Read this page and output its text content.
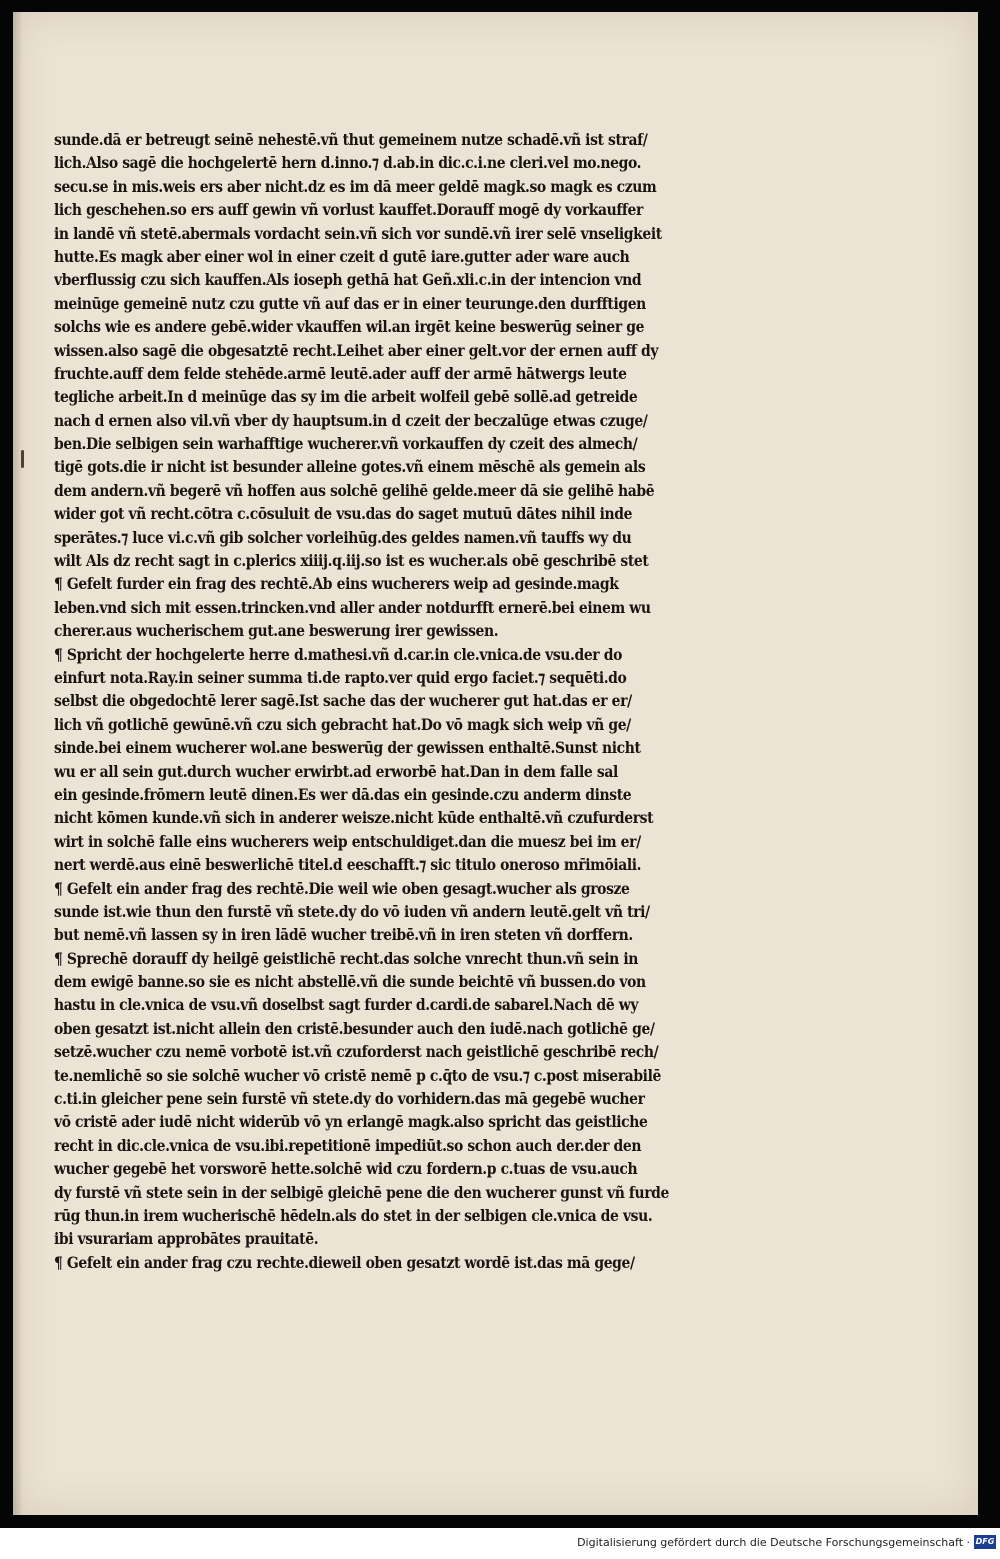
sunde.dā er betreugt seinē nehestē.vñ thut gemeinem nutze schadē.vñ ist straf/
lich.Also sagē die hochgelertē hern d.inno.⁊ d.ab.in dic.c.i.ne cleri.vel mo.nego.
secu.se in mis.weis ers aber nicht.dz es im dā meer geldē magk.so magk es czum
lich geschehen.so ers auff gewin vñ vorlust kauffet.Dorauff mogē dy vorkauffer
in landē vñ stetē.abermals vordacht sein.vñ sich vor sundē.vñ irer selē vnseligkeit
hutte.Es magk aber einer wol in einer czeit d gutē iare.gutter ader ware auch
vberflussig czu sich kauffen.Als ioseph gethā hat Geñ.xli.c.in der intencion vnd
meinūge gemeinē nutz czu gutte vñ auf das er in einer teurunge.den durfftigen
solchs wie es andere gebē.wider vkauffen wil.an irgēt keine beswerūg seiner ge
wissen.also sagē die obgesatztē recht.Leihet aber einer gelt.vor der ernen auff dy
fruchte.auff dem felde stehēde.armē leutē.ader auff der armē hātwergs leute
tegliche arbeit.In d meinūge das sy im die arbeit wolfeil gebē sollē.ad getreide
nach d ernen also vil.vñ vber dy hauptsum.in d czeit der beczalūge etwas czuge/
ben.Die selbigen sein warhafftige wucherer.vñ vorkauffen dy czeit des almech/
tigē gots.die ir nicht ist besunder alleine gotes.vñ einem mēschē als gemein als
dem andern.vñ begerē vñ hoffen aus solchē gelihē gelde.meer dā sie gelihē habē
wider got vñ recht.cōtra c.cōsuluit de vsu.das do saget mutuū dātes nihil inde
sperātes.⁊ luce vi.c.vñ gib solcher vorleihūg.des geldes namen.vñ tauffs wy du
wilt Als dz recht sagt in c.plerics xiiij.q.iij.so ist es wucher.als obē geschribē stet
¶ Gefelt furder ein frag des rechtē.Ab eins wucherers weip ad gesinde.magk
leben.vnd sich mit essen.trincken.vnd aller ander notdurfft ernerē.bei einem wu
cherer.aus wucherischem gut.ane beswerung irer gewissen.
¶ Spricht der hochgelerte herre d.mathesi.vñ d.car.in cle.vnica.de vsu.der do
einfurt nota.Ray.in seiner summa ti.de rapto.ver quid ergo faciet.⁊ sequēti.do
selbst die obgedochtē lerer sagē.Ist sache das der wucherer gut hat.das er er/
lich vñ gotlichē gewūnē.vñ czu sich gebracht hat.Do vō magk sich weip vñ ge/
sinde.bei einem wucherer wol.ane beswerūg der gewissen enthaltē.Sunst nicht
wu er all sein gut.durch wucher erwirbt.ad erworbē hat.Dan in dem falle sal
ein gesinde.frōmern leutē dinen.Es wer dā.das ein gesinde.czu anderm dinste
nicht kōmen kunde.vñ sich in anderer weisze.nicht kūde enthaltē.vñ czufurderst
wirt in solchē falle eins wucherers weip entschuldiget.dan die muesz bei im er/
nert werdē.aus einē beswerlichē titel.d eeschafft.⁊ sic titulo oneroso mr̄imōiali.
¶ Gefelt ein ander frag des rechtē.Die weil wie oben gesagt.wucher als grosze
sunde ist.wie thun den furstē vñ stete.dy do vō iuden vñ andern leutē.gelt vñ tri/
but nemē.vñ lassen sy in iren lādē wucher treibē.vñ in iren steten vñ dorffern.
¶ Sprechē dorauff dy heilgē geistlichē recht.das solche vnrecht thun.vñ sein in
dem ewigē banne.so sie es nicht abstellē.vñ die sunde beichtē vñ bussen.do von
hastu in cle.vnica de vsu.vñ doselbst sagt furder d.cardi.de sabarel.Nach dē wy
oben gesatzt ist.nicht allein den cristē.besunder auch den iudē.nach gotlichē ge/
setzē.wucher czu nemē vorbotē ist.vñ czuforderst nach geistlichē geschribē rech/
te.nemlichē so sie solchē wucher vō cristē nemē p c.q̄to de vsu.⁊ c.post miserabilē
c.ti.in gleicher pene sein furstē vñ stete.dy do vorhidern.das mā gegebē wucher
vō cristē ader iudē nicht widerūb vō yn erlangē magk.also spricht das geistliche
recht in dic.cle.vnica de vsu.ibi.repetitionē impediūt.so schon auch der.der den
wucher gegebē het vorsworē hette.solchē wid czu fordern.p c.tuas de vsu.auch
dy furstē vñ stete sein in der selbigē gleichē pene die den wucherer gunst vñ furde
rūg thun.in irem wucherischē hēdeln.als do stet in der selbigen cle.vnica de vsu.
ibi vsurariam approbātes prauitatē.
¶ Gefelt ein ander frag czu rechte.dieweil oben gesatzt wordē ist.das mā gege/
Digitalisierung gefördert durch die Deutsche Forschungsgemeinschaft · DFG
